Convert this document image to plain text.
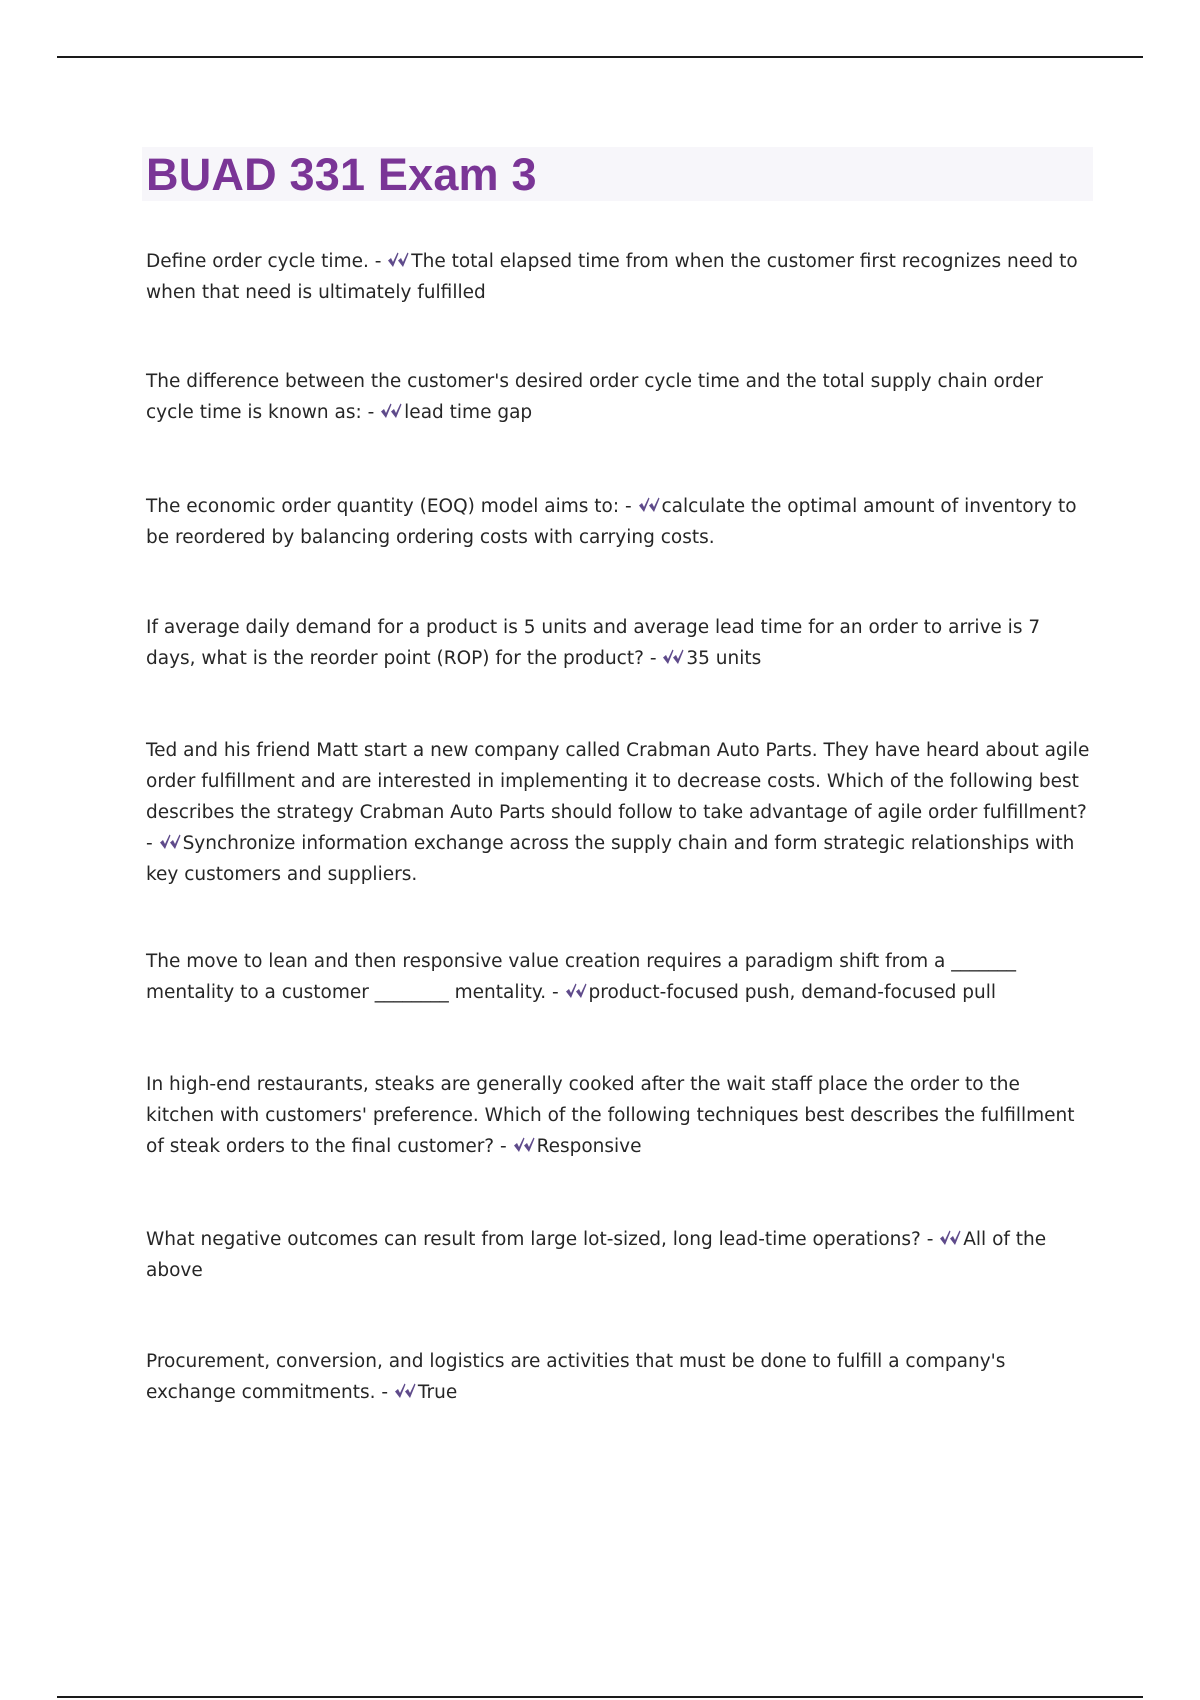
BUAD 331 Exam 3

Define order cycle time. -
The total elapsed time from when the customer first recognizes need to when that need is ultimately fulfilled

The difference between the customer's desired order cycle time and the total supply chain order cycle time is known as: -
lead time gap

The economic order quantity (EOQ) model aims to: -
calculate the optimal amount of inventory to be reordered by balancing ordering costs with carrying costs.

If average daily demand for a product is 5 units and average lead time for an order to arrive is 7 days, what is the reorder point (ROP) for the product? -
35 units

Ted and his friend Matt start a new company called Crabman Auto Parts. They have heard about agile order fulfillment and are interested in implementing it to decrease costs. Which of the following best describes the strategy Crabman Auto Parts should follow to take advantage of agile order fulfillment? -
Synchronize information exchange across the supply chain and form strategic relationships with key customers and suppliers.

The move to lean and then responsive value creation requires a paradigm shift from a _______ mentality to a customer ________ mentality. -
product-focused push, demand-focused pull

In high-end restaurants, steaks are generally cooked after the wait staff place the order to the kitchen with customers' preference. Which of the following techniques best describes the fulfillment of steak orders to the final customer? -
Responsive

What negative outcomes can result from large lot-sized, long lead-time operations? -
All of the above

Procurement, conversion, and logistics are activities that must be done to fulfill a company's exchange commitments. -
True
